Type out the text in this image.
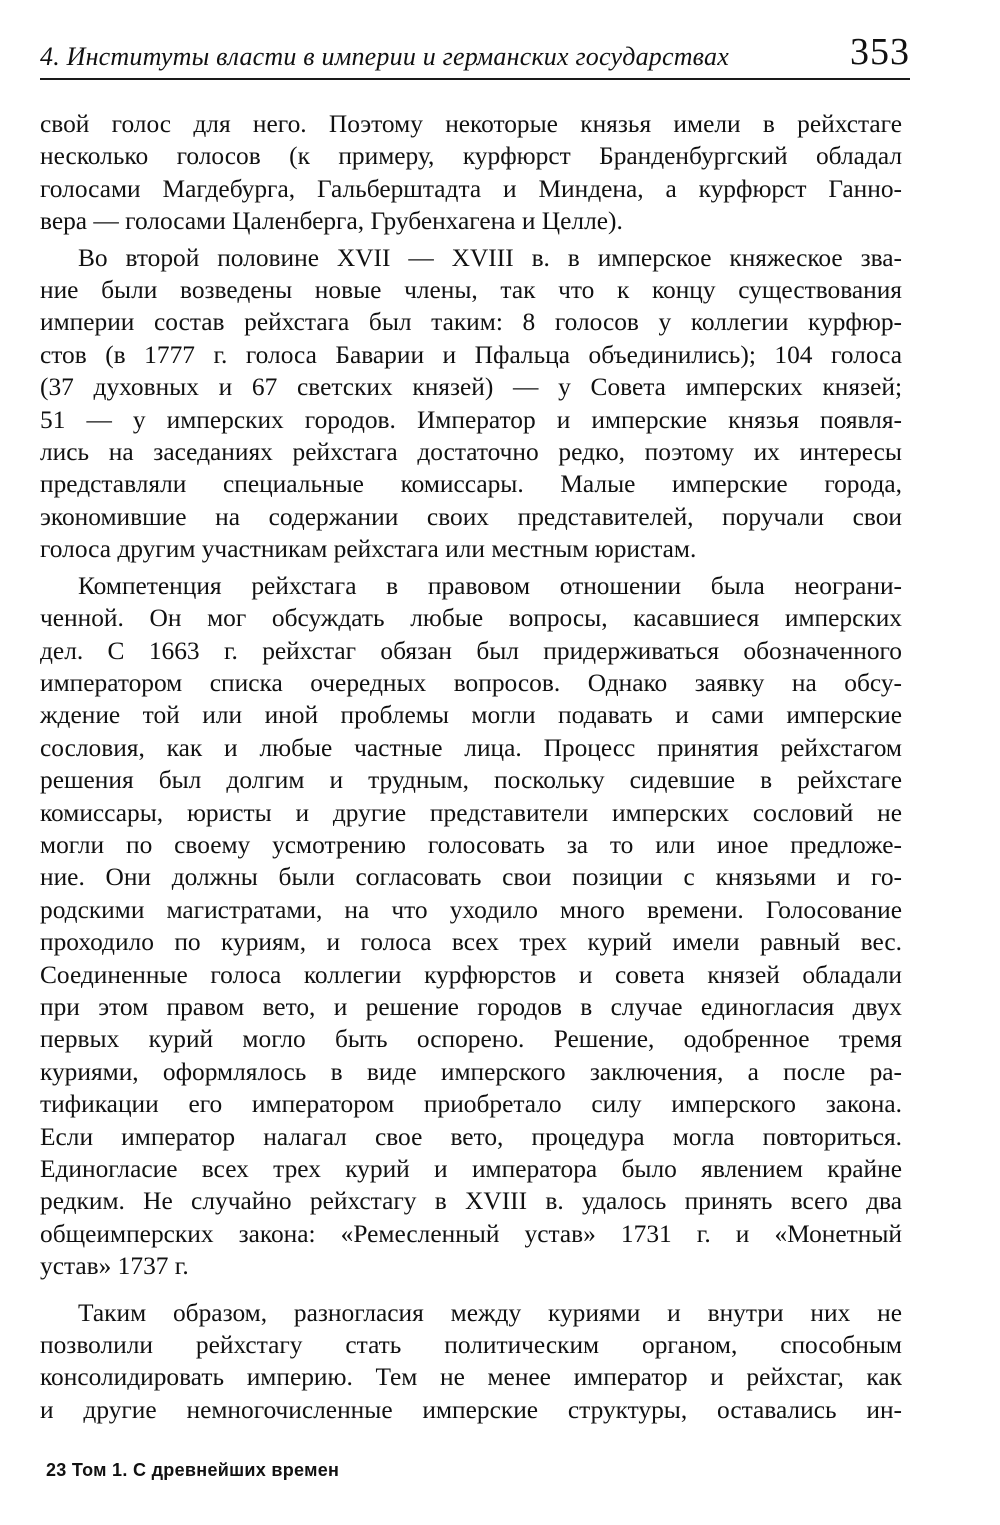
4. Институты власти в империи и германских государствах	353
свой голос для него. Поэтому некоторые князья имели в рейхстаге
несколько голосов (к примеру, курфюрст Бранденбургский обладал
голосами Магдебурга, Гальберштадта и Миндена, а курфюрст Ганно-
вера — голосами Цаленберга, Грубенхагена и Целле).
Во второй половине XVII — XVIII в. в имперское княжеское зва-
ние были возведены новые члены, так что к концу существования
империи состав рейхстага был таким: 8 голосов у коллегии курфюр-
стов (в 1777 г. голоса Баварии и Пфальца объединились); 104 голоса
(37 духовных и 67 светских князей) — у Совета имперских князей;
51 — у имперских городов. Император и имперские князья появля-
лись на заседаниях рейхстага достаточно редко, поэтому их интересы
представляли специальные комиссары. Малые имперские города,
экономившие на содержании своих представителей, поручали свои
голоса другим участникам рейхстага или местным юристам.
Компетенция рейхстага в правовом отношении была неограни-
ченной. Он мог обсуждать любые вопросы, касавшиеся имперских
дел. С 1663 г. рейхстаг обязан был придерживаться обозначенного
императором списка очередных вопросов. Однако заявку на обсу-
ждение той или иной проблемы могли подавать и сами имперские
сословия, как и любые частные лица. Процесс принятия рейхстагом
решения был долгим и трудным, поскольку сидевшие в рейхстаге
комиссары, юристы и другие представители имперских сословий не
могли по своему усмотрению голосовать за то или иное предложе-
ние. Они должны были согласовать свои позиции с князьями и го-
родскими магистратами, на что уходило много времени. Голосование
проходило по куриям, и голоса всех трех курий имели равный вес.
Соединенные голоса коллегии курфюрстов и совета князей обладали
при этом правом вето, и решение городов в случае единогласия двух
первых курий могло быть оспорено. Решение, одобренное тремя
куриями, оформлялось в виде имперского заключения, а после ра-
тификации его императором приобретало силу имперского закона.
Если император налагал свое вето, процедура могла повториться.
Единогласие всех трех курий и императора было явлением крайне
редким. Не случайно рейхстагу в XVIII в. удалось принять всего два
общеимперских закона: «Ремесленный устав» 1731 г. и «Монетный
устав» 1737 г.
Таким образом, разногласия между куриями и внутри них не
позволили рейхстагу стать политическим органом, способным
консолидировать империю. Тем не менее император и рейхстаг, как
и другие немногочисленные имперские структуры, оставались ин-
23 Том 1. С древнейших времен
